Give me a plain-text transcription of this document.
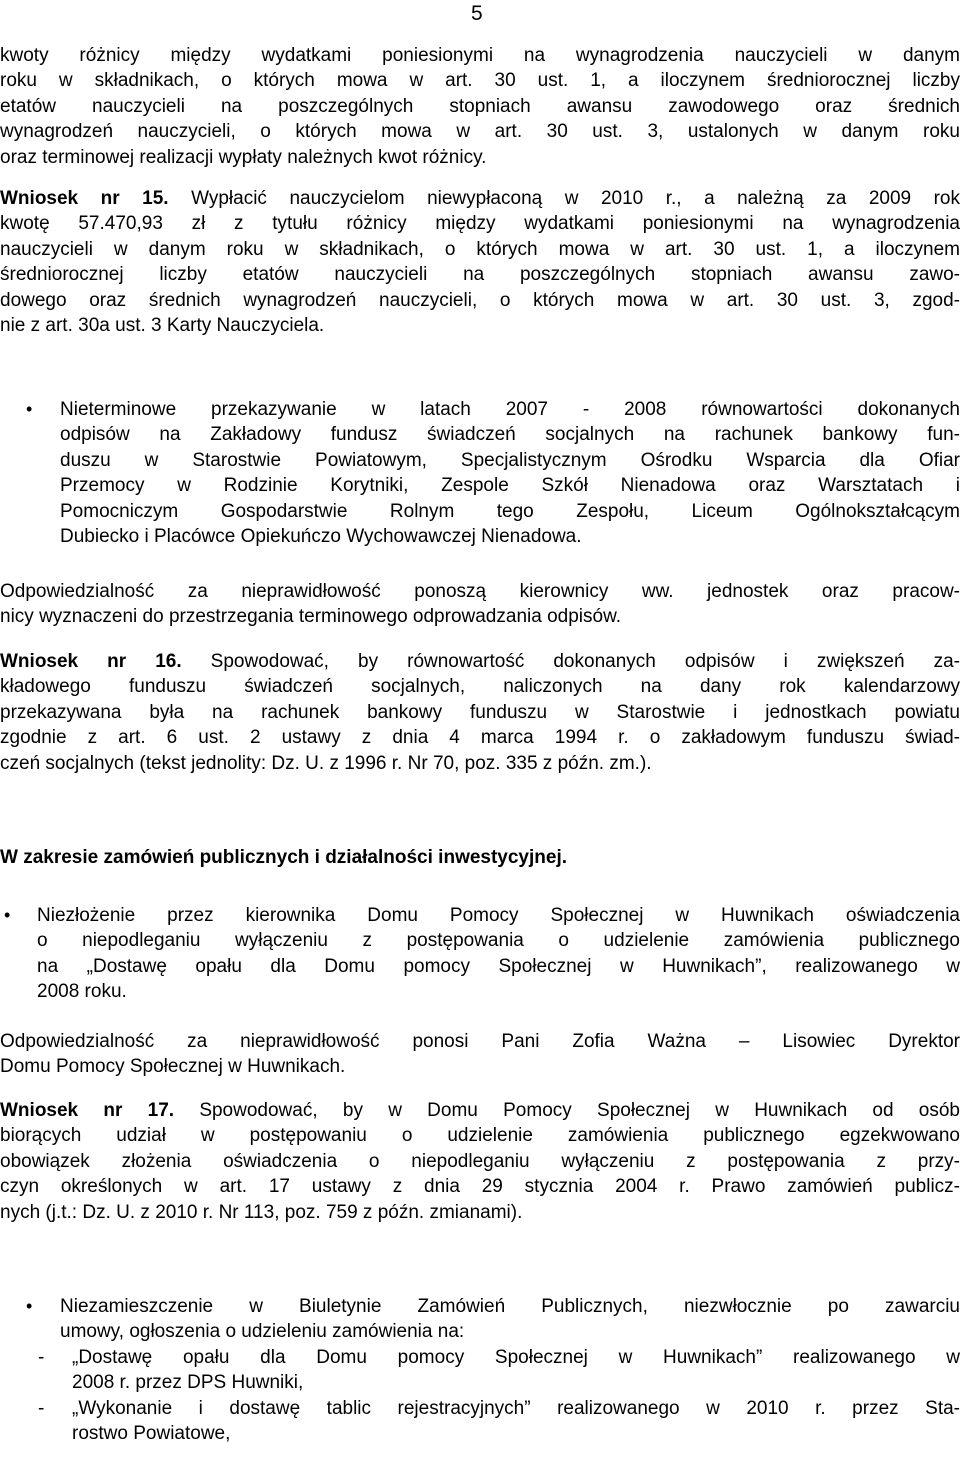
5
kwoty różnicy między wydatkami poniesionymi na wynagrodzenia nauczycieli w danym
roku w składnikach, o których mowa w art. 30 ust. 1, a iloczynem średniorocznej liczby
etatów nauczycieli na poszczególnych stopniach awansu zawodowego oraz średnich
wynagrodzeń nauczycieli, o których mowa w art. 30 ust. 3, ustalonych w danym roku
oraz terminowej realizacji wypłaty należnych kwot różnicy.
Wniosek nr 15. Wypłacić nauczycielom niewypłaconą w 2010 r., a należną za 2009 rok
kwotę 57.470,93 zł z tytułu różnicy między wydatkami poniesionymi na wynagrodzenia
nauczycieli w danym roku w składnikach, o których mowa w art. 30 ust. 1, a iloczynem
średniorocznej liczby etatów nauczycieli na poszczególnych stopniach awansu zawo-
dowego oraz średnich wynagrodzeń nauczycieli, o których mowa w art. 30 ust. 3, zgod-
nie z art. 30a ust. 3 Karty Nauczyciela.
• Nieterminowe przekazywanie w latach 2007 - 2008 równowartości dokonanych
odpisów na Zakładowy fundusz świadczeń socjalnych na rachunek bankowy fun-
duszu w Starostwie Powiatowym, Specjalistycznym Ośrodku Wsparcia dla Ofiar
Przemocy w Rodzinie Korytniki, Zespole Szkół Nienadowa oraz Warsztatach i
Pomocniczym Gospodarstwie Rolnym tego Zespołu, Liceum Ogólnokształcącym
Dubiecko i Placówce Opiekuńczo Wychowawczej Nienadowa.
Odpowiedzialność za nieprawidłowość ponoszą kierownicy ww. jednostek oraz pracow-
nicy wyznaczeni do przestrzegania terminowego odprowadzania odpisów.
Wniosek nr 16. Spowodować, by równowartość dokonanych odpisów i zwiększeń za-
kładowego funduszu świadczeń socjalnych, naliczonych na dany rok kalendarzowy
przekazywana była na rachunek bankowy funduszu w Starostwie i jednostkach powiatu
zgodnie z art. 6 ust. 2 ustawy z dnia 4 marca 1994 r. o zakładowym funduszu świad-
czeń socjalnych (tekst jednolity: Dz. U. z 1996 r. Nr 70, poz. 335 z późn. zm.).
W zakresie zamówień publicznych i działalności inwestycyjnej.
• Niezłożenie przez kierownika Domu Pomocy Społecznej w Huwnikach oświadczenia
o niepodleganiu wyłączeniu z postępowania o udzielenie zamówienia publicznego
na „Dostawę opału dla Domu pomocy Społecznej w Huwnikach”, realizowanego w
2008 roku.
Odpowiedzialność za nieprawidłowość ponosi Pani Zofia Ważna – Lisowiec Dyrektor
Domu Pomocy Społecznej w Huwnikach.
Wniosek nr 17. Spowodować, by w Domu Pomocy Społecznej w Huwnikach od osób
biorących udział w postępowaniu o udzielenie zamówienia publicznego egzekwowano
obowiązek złożenia oświadczenia o niepodleganiu wyłączeniu z postępowania z przy-
czyn określonych w art. 17 ustawy z dnia 29 stycznia 2004 r. Prawo zamówień publicz-
nych (j.t.: Dz. U. z 2010 r. Nr 113, poz. 759 z późn. zmianami).
• Niezamieszczenie w Biuletynie Zamówień Publicznych, niezwłocznie po zawarciu
umowy, ogłoszenia o udzieleniu zamówienia na:
- „Dostawę opału dla Domu pomocy Społecznej w Huwnikach” realizowanego w
2008 r. przez DPS Huwniki,
- „Wykonanie i dostawę tablic rejestracyjnych” realizowanego w 2010 r. przez Sta-
rostwo Powiatowe,
